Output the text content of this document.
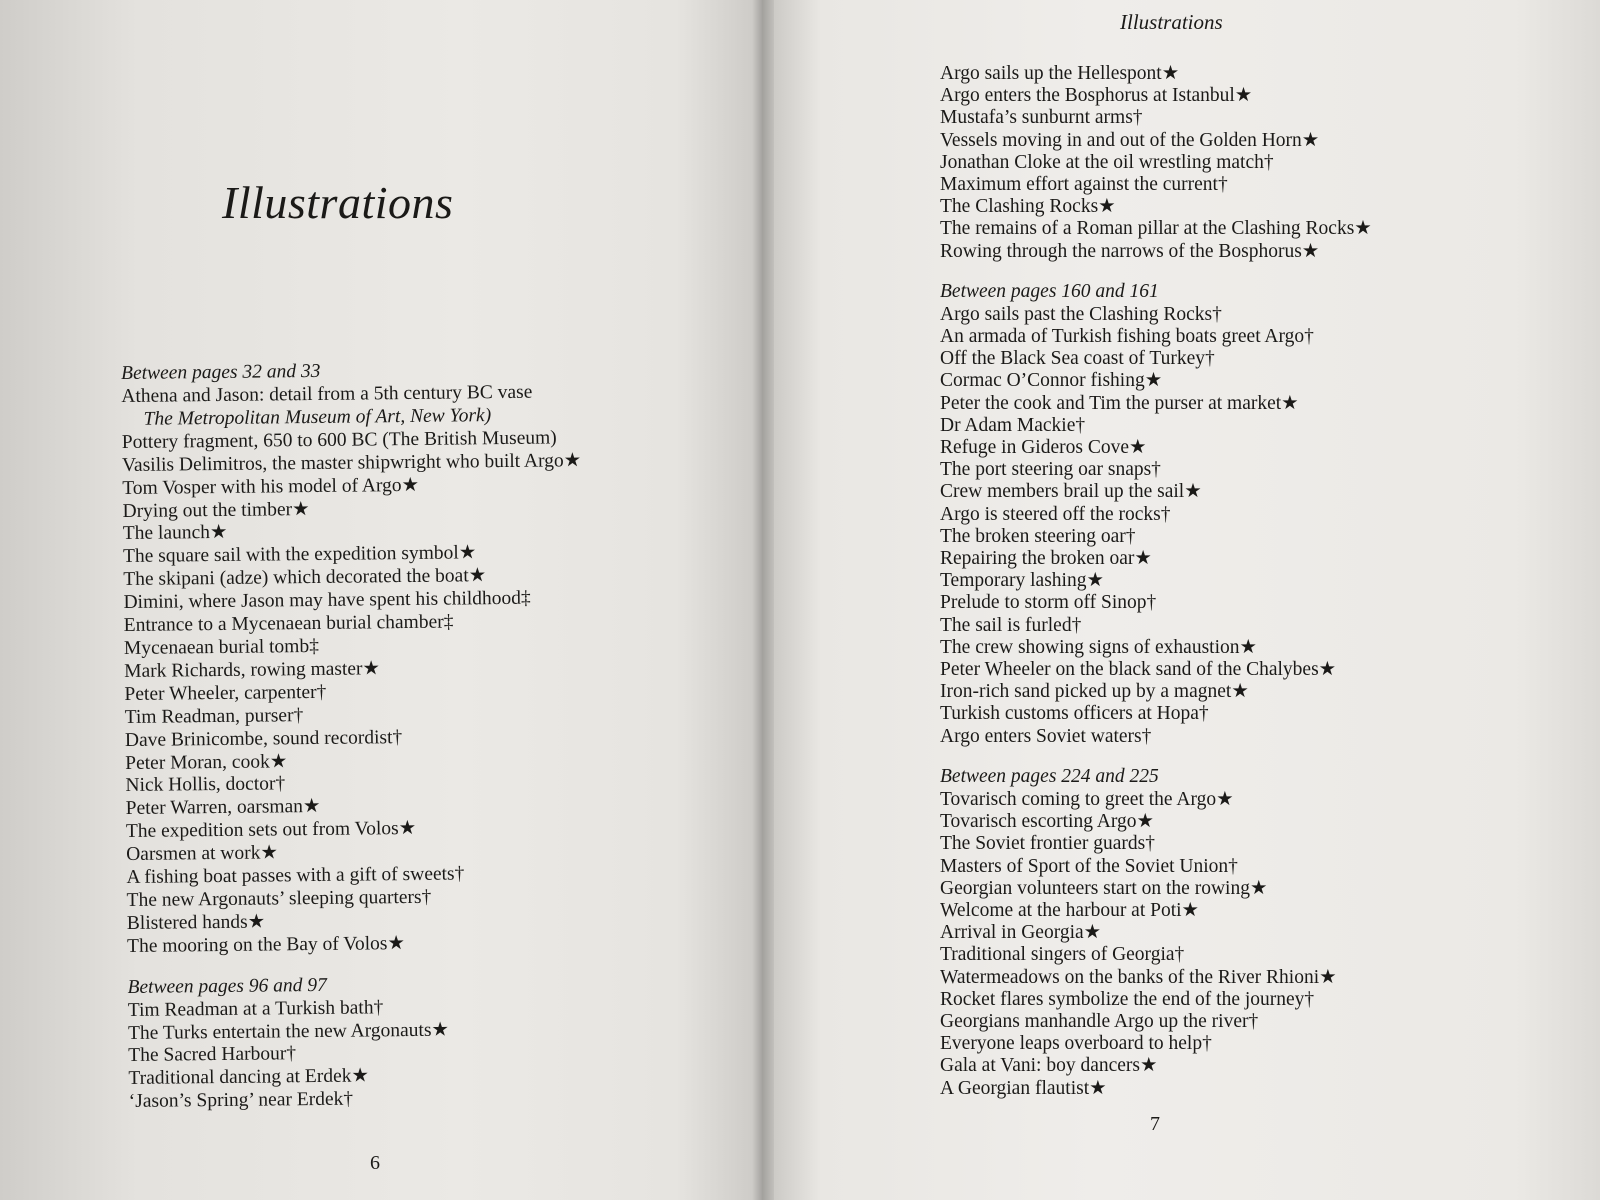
Illustrations
Illustrations

Between pages 32 and 33

Athena and Jason: detail from a 5th century BC vase
The Metropolitan Museum of Art, New York)
Pottery fragment, 650 to 600 BC (The British Museum)
Vasilis Delimitros, the master shipwright who built Argo★
Tom Vosper with his model of Argo★
Drying out the timber★
The launch★
The square sail with the expedition symbol★
The skipani (adze) which decorated the boat★
Dimini, where Jason may have spent his childhood‡
Entrance to a Mycenaean burial chamber‡
Mycenaean burial tomb‡
Mark Richards, rowing master★
Peter Wheeler, carpenter†
Tim Readman, purser†
Dave Brinicombe, sound recordist†
Peter Moran, cook★
Nick Hollis, doctor†
Peter Warren, oarsman★
The expedition sets out from Volos★
Oarsmen at work★
A fishing boat passes with a gift of sweets†
The new Argonauts’ sleeping quarters†
Blistered hands★
The mooring on the Bay of Volos★

Between pages 96 and 97

Tim Readman at a Turkish bath†
The Turks entertain the new Argonauts★
The Sacred Harbour†
Traditional dancing at Erdek★
‘Jason’s Spring’ near Erdek†
Argo sails up the Hellespont★
Argo enters the Bosphorus at Istanbul★
Mustafa’s sunburnt arms†
Vessels moving in and out of the Golden Horn★
Jonathan Cloke at the oil wrestling match†
Maximum effort against the current†
The Clashing Rocks★
The remains of a Roman pillar at the Clashing Rocks★
Rowing through the narrows of the Bosphorus★

Between pages 160 and 161

Argo sails past the Clashing Rocks†
An armada of Turkish fishing boats greet Argo†
Off the Black Sea coast of Turkey†
Cormac O’Connor fishing★
Peter the cook and Tim the purser at market★
Dr Adam Mackie†
Refuge in Gideros Cove★
The port steering oar snaps†
Crew members brail up the sail★
Argo is steered off the rocks†
The broken steering oar†
Repairing the broken oar★
Temporary lashing★
Prelude to storm off Sinop†
The sail is furled†
The crew showing signs of exhaustion★
Peter Wheeler on the black sand of the Chalybes★
Iron-rich sand picked up by a magnet★
Turkish customs officers at Hopa†
Argo enters Soviet waters†

Between pages 224 and 225

Tovarisch coming to greet the Argo★
Tovarisch escorting Argo★
The Soviet frontier guards†
Masters of Sport of the Soviet Union†
Georgian volunteers start on the rowing★
Welcome at the harbour at Poti★
Arrival in Georgia★
Traditional singers of Georgia†
Watermeadows on the banks of the River Rhioni★
Rocket flares symbolize the end of the journey†
Georgians manhandle Argo up the river†
Everyone leaps overboard to help†
Gala at Vani: boy dancers★
A Georgian flautist★
6
7
